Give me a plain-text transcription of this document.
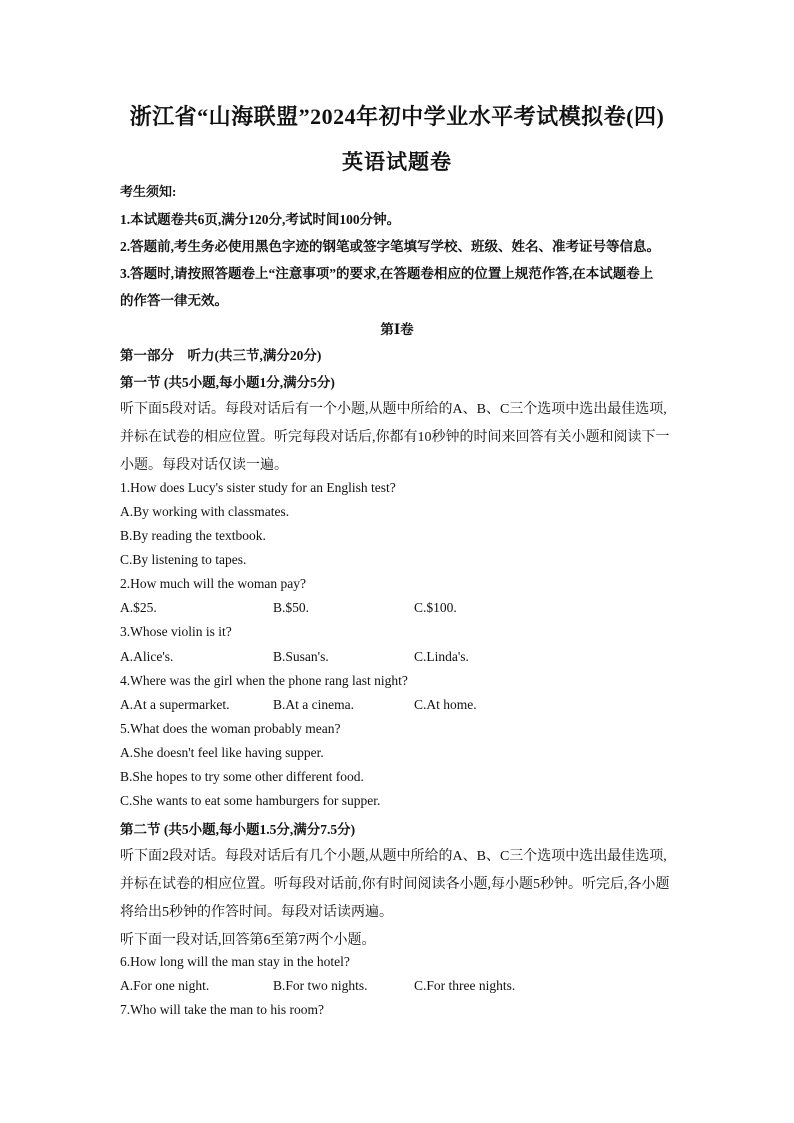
浙江省“山海联盟”2024年初中学业水平考试模拟卷(四)
英语试题卷
考生须知:
1.本试题卷共6页,满分120分,考试时间100分钟。
2.答题前,考生务必使用黑色字迹的钢笔或签字笔填写学校、班级、姓名、准考证号等信息。
3.答题时,请按照答题卷上“注意事项”的要求,在答题卷相应的位置上规范作答,在本试题卷上
的作答一律无效。
第Ⅰ卷
第一部分　听力(共三节,满分20分)
第一节 (共5小题,每小题1分,满分5分)
听下面5段对话。每段对话后有一个小题,从题中所给的A、B、C三个选项中选出最佳选项,
并标在试卷的相应位置。听完每段对话后,你都有10秒钟的时间来回答有关小题和阅读下一
小题。每段对话仅读一遍。
1.How does Lucy's sister study for an English test?
A.By working with classmates.
B.By reading the textbook.
C.By listening to tapes.
2.How much will the woman pay?
A.$25.	B.$50.	C.$100.
3.Whose violin is it?
A.Alice's.	B.Susan's.	C.Linda's.
4.Where was the girl when the phone rang last night?
A.At a supermarket.	B.At a cinema.	C.At home.
5.What does the woman probably mean?
A.She doesn't feel like having supper.
B.She hopes to try some other different food.
C.She wants to eat some hamburgers for supper.
第二节 (共5小题,每小题1.5分,满分7.5分)
听下面2段对话。每段对话后有几个小题,从题中所给的A、B、C三个选项中选出最佳选项,
并标在试卷的相应位置。听每段对话前,你有时间阅读各小题,每小题5秒钟。听完后,各小题
将给出5秒钟的作答时间。每段对话读两遍。
听下面一段对话,回答第6至第7两个小题。
6.How long will the man stay in the hotel?
A.For one night.	B.For two nights.	C.For three nights.
7.Who will take the man to his room?
